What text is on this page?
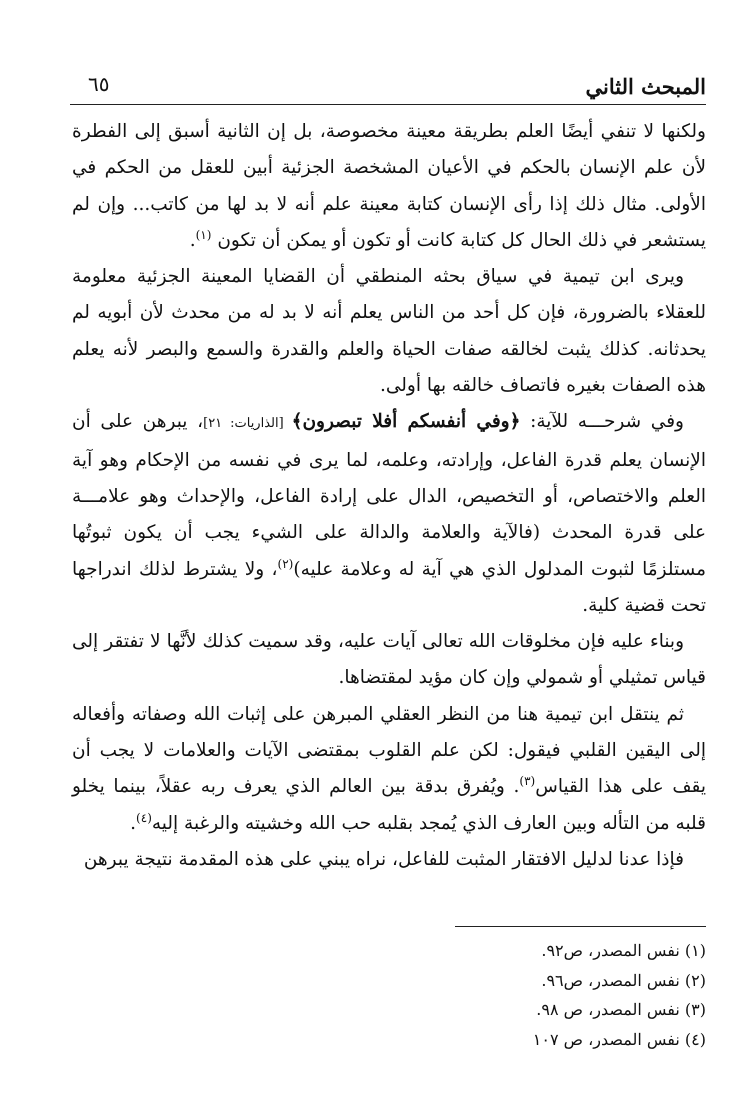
المبحث الثاني
٦٥

ولكنها لا تنفي أيضًا العلم بطريقة معينة مخصوصة، بل إن الثانية أسبق إلى الفطرة لأن علم الإنسان بالحكم في الأعيان المشخصة الجزئية أبين للعقل من الحكم في الأولى. مثال ذلك إذا رأى الإنسان كتابة معينة علم أنه لا بد لها من كاتب... وإن لم يستشعر في ذلك الحال كل كتابة كانت أو تكون أو يمكن أن تكون $^{(١)}$.

ويرى ابن تيمية في سياق بحثه المنطقي أن القضايا المعينة الجزئية معلومة للعقلاء بالضرورة، فإن كل أحد من الناس يعلم أنه لا بد له من محدث لأن أبويه لم يحدثانه. كذلك يثبت لخالقه صفات الحياة والعلم والقدرة والسمع والبصر لأنه يعلم هذه الصفات بغيره فاتصاف خالقه بها أولى.

وفي شرحـــه للآية: ﴿وفي أنفسكم أفلا تبصرون﴾ [الذاريات: ٢١]، يبرهن على أن الإنسان يعلم قدرة الفاعل، وإرادته، وعلمه، لما يرى في نفسه من الإحكام وهو آية العلم والاختصاص، أو التخصيص، الدال على إرادة الفاعل، والإحداث وهو علامـــة على قدرة المحدث (فالآية والعلامة والدالة على الشيء يجب أن يكون ثبوتُها مستلزمًا لثبوت المدلول الذي هي آية له وعلامة عليه)$^{(٢)}$، ولا يشترط لذلك اندراجها تحت قضية كلية.

وبناء عليه فإن مخلوقات الله تعالى آيات عليه، وقد سميت كذلك لأنَّها لا تفتقر إلى قياس تمثيلي أو شمولي وإن كان مؤيد لمقتضاها.

ثم ينتقل ابن تيمية هنا من النظر العقلي المبرهن على إثبات الله وصفاته وأفعاله إلى اليقين القلبي فيقول: لكن علم القلوب بمقتضى الآيات والعلامات لا يجب أن يقف على هذا القياس$^{(٣)}$. ويُفرق بدقة بين العالم الذي يعرف ربه عقلاً، بينما يخلو قلبه من التأله وبين العارف الذي يُمجد بقلبه حب الله وخشيته والرغبة إليه$^{(٤)}$.

فإذا عدنا لدليل الافتقار المثبت للفاعل، نراه يبني على هذه المقدمة نتيجة يبرهن

(١) نفس المصدر، ص٩٢.

(٢) نفس المصدر، ص٩٦.

(٣) نفس المصدر، ص ٩٨.

(٤) نفس المصدر، ص ١٠٧
